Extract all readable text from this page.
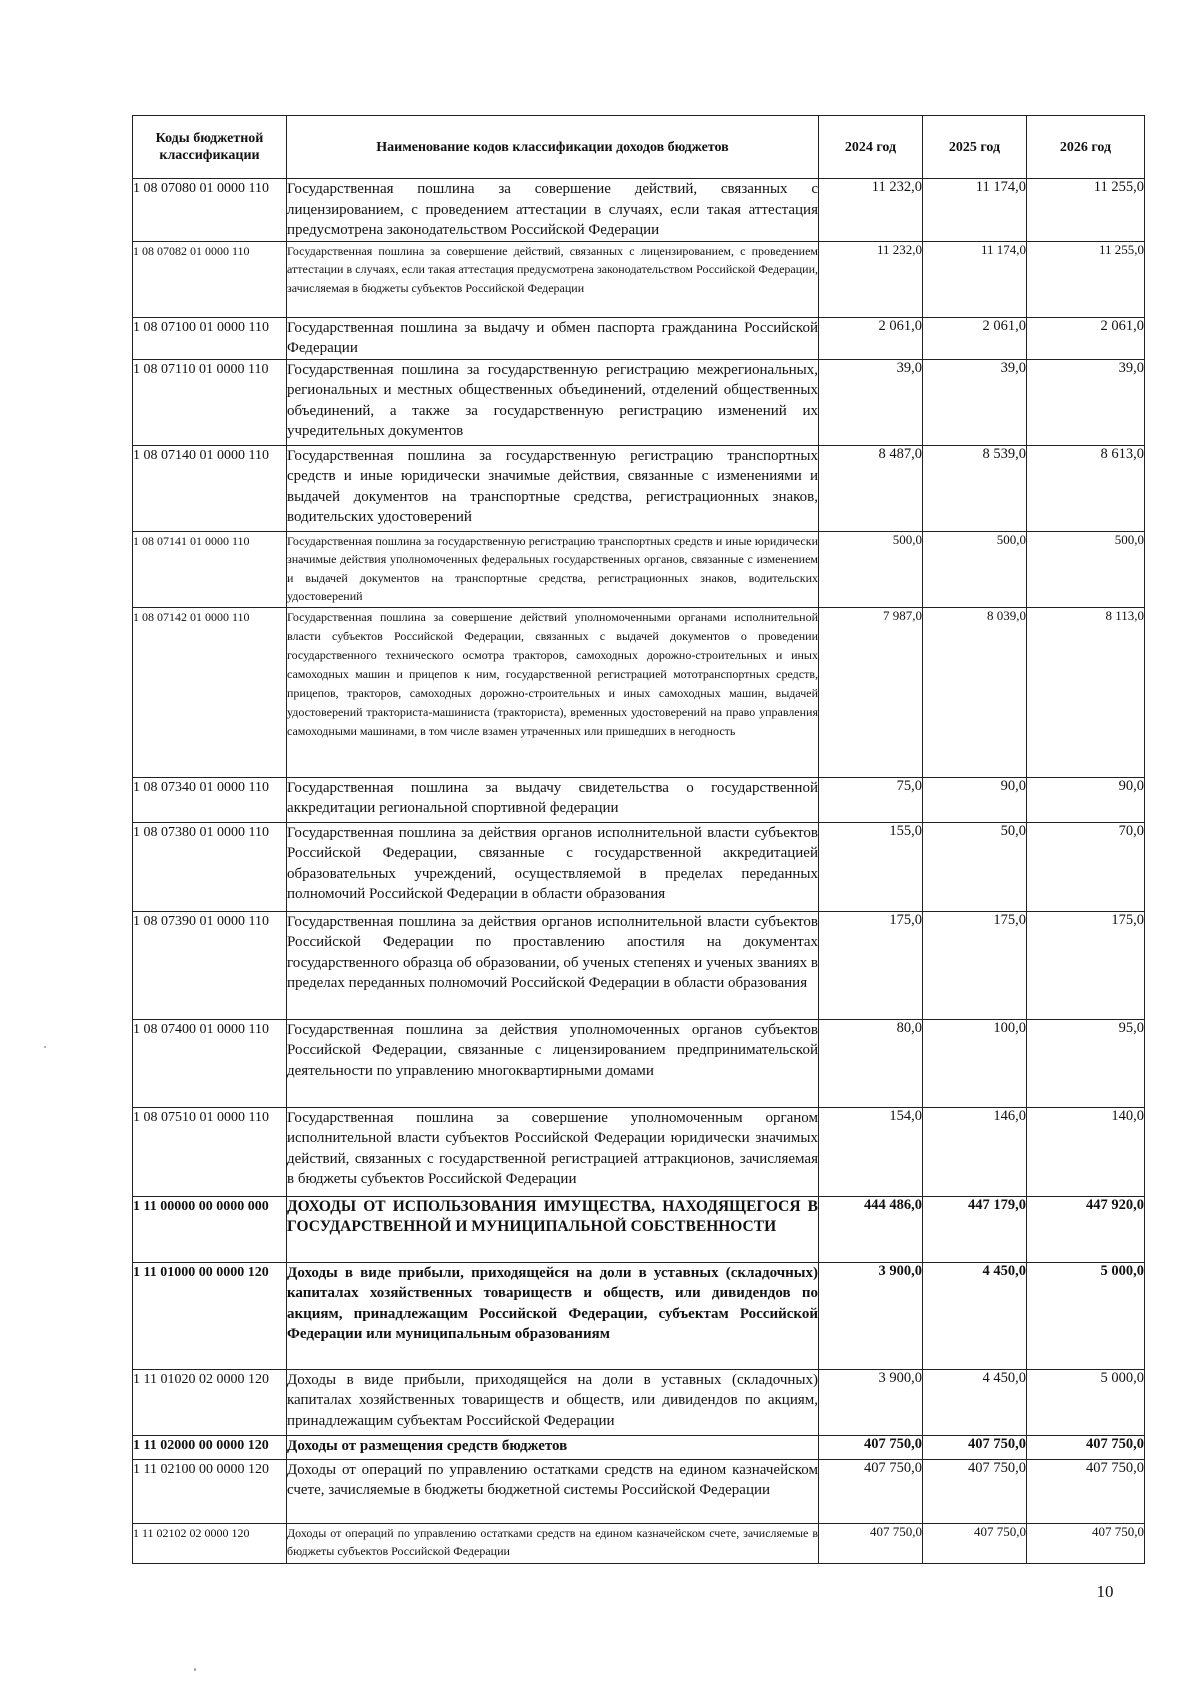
Коды бюджетной классификации	Наименование кодов классификации доходов бюджетов	2024 год	2025 год	2026 год
1 08 07080 01 0000 110	Государственная пошлина за совершение действий, связанных с лицензированием, с проведением аттестации в случаях, если такая аттестация предусмотрена законодательством Российской Федерации	11 232,0	11 174,0	11 255,0
1 08 07082 01 0000 110	Государственная пошлина за совершение действий, связанных с лицензированием, с проведением аттестации в случаях, если такая аттестация предусмотрена законодательством Российской Федерации, зачисляемая в бюджеты субъектов Российской Федерации	11 232,0	11 174,0	11 255,0
1 08 07100 01 0000 110	Государственная пошлина за выдачу и обмен паспорта гражданина Российской Федерации	2 061,0	2 061,0	2 061,0
1 08 07110 01 0000 110	Государственная пошлина за государственную регистрацию межрегиональных, региональных и местных общественных объединений, отделений общественных объединений, а также за государственную регистрацию изменений их учредительных документов	39,0	39,0	39,0
1 08 07140 01 0000 110	Государственная пошлина за государственную регистрацию транспортных средств и иные юридически значимые действия, связанные с изменениями и выдачей документов на транспортные средства, регистрационных знаков, водительских удостоверений	8 487,0	8 539,0	8 613,0
1 08 07141 01 0000 110	Государственная пошлина за государственную регистрацию транспортных средств и иные юридически значимые действия уполномоченных федеральных государственных органов, связанные с изменением и выдачей документов на транспортные средства, регистрационных знаков, водительских удостоверений	500,0	500,0	500,0
1 08 07142 01 0000 110	Государственная пошлина за совершение действий уполномоченными органами исполнительной власти субъектов Российской Федерации, связанных с выдачей документов о проведении государственного технического осмотра тракторов, самоходных дорожно-строительных и иных самоходных машин и прицепов к ним, государственной регистрацией мототранспортных средств, прицепов, тракторов, самоходных дорожно-строительных и иных самоходных машин, выдачей удостоверений тракториста-машиниста (тракториста), временных удостоверений на право управления самоходными машинами, в том числе взамен утраченных или пришедших в негодность	7 987,0	8 039,0	8 113,0
1 08 07340 01 0000 110	Государственная пошлина за выдачу свидетельства о государственной аккредитации региональной спортивной федерации	75,0	90,0	90,0
1 08 07380 01 0000 110	Государственная пошлина за действия органов исполнительной власти субъектов Российской Федерации, связанные с государственной аккредитацией образовательных учреждений, осуществляемой в пределах переданных полномочий Российской Федерации в области образования	155,0	50,0	70,0
1 08 07390 01 0000 110	Государственная пошлина за действия органов исполнительной власти субъектов Российской Федерации по проставлению апостиля на документах государственного образца об образовании, об ученых степенях и ученых званиях в пределах переданных полномочий Российской Федерации в области образования	175,0	175,0	175,0
1 08 07400 01 0000 110	Государственная пошлина за действия уполномоченных органов субъектов Российской Федерации, связанные с лицензированием предпринимательской деятельности по управлению многоквартирными домами	80,0	100,0	95,0
1 08 07510 01 0000 110	Государственная пошлина за совершение уполномоченным органом исполнительной власти субъектов Российской Федерации юридически значимых действий, связанных с государственной регистрацией аттракционов, зачисляемая в бюджеты субъектов Российской Федерации	154,0	146,0	140,0
1 11 00000 00 0000 000	ДОХОДЫ ОТ ИСПОЛЬЗОВАНИЯ ИМУЩЕСТВА, НАХОДЯЩЕГОСЯ В ГОСУДАРСТВЕННОЙ И МУНИЦИПАЛЬНОЙ СОБСТВЕННОСТИ	444 486,0	447 179,0	447 920,0
1 11 01000 00 0000 120	Доходы в виде прибыли, приходящейся на доли в уставных (складочных) капиталах хозяйственных товариществ и обществ, или дивидендов по акциям, принадлежащим Российской Федерации, субъектам Российской Федерации или муниципальным образованиям	3 900,0	4 450,0	5 000,0
1 11 01020 02 0000 120	Доходы в виде прибыли, приходящейся на доли в уставных (складочных) капиталах хозяйственных товариществ и обществ, или дивидендов по акциям, принадлежащим субъектам Российской Федерации	3 900,0	4 450,0	5 000,0
1 11 02000 00 0000 120	Доходы от размещения средств бюджетов	407 750,0	407 750,0	407 750,0
1 11 02100 00 0000 120	Доходы от операций по управлению остатками средств на едином казначейском счете, зачисляемые в бюджеты бюджетной системы Российской Федерации	407 750,0	407 750,0	407 750,0
1 11 02102 02 0000 120	Доходы от операций по управлению остатками средств на едином казначейском счете, зачисляемые в бюджеты субъектов Российской Федерации	407 750,0	407 750,0	407 750,0
10
